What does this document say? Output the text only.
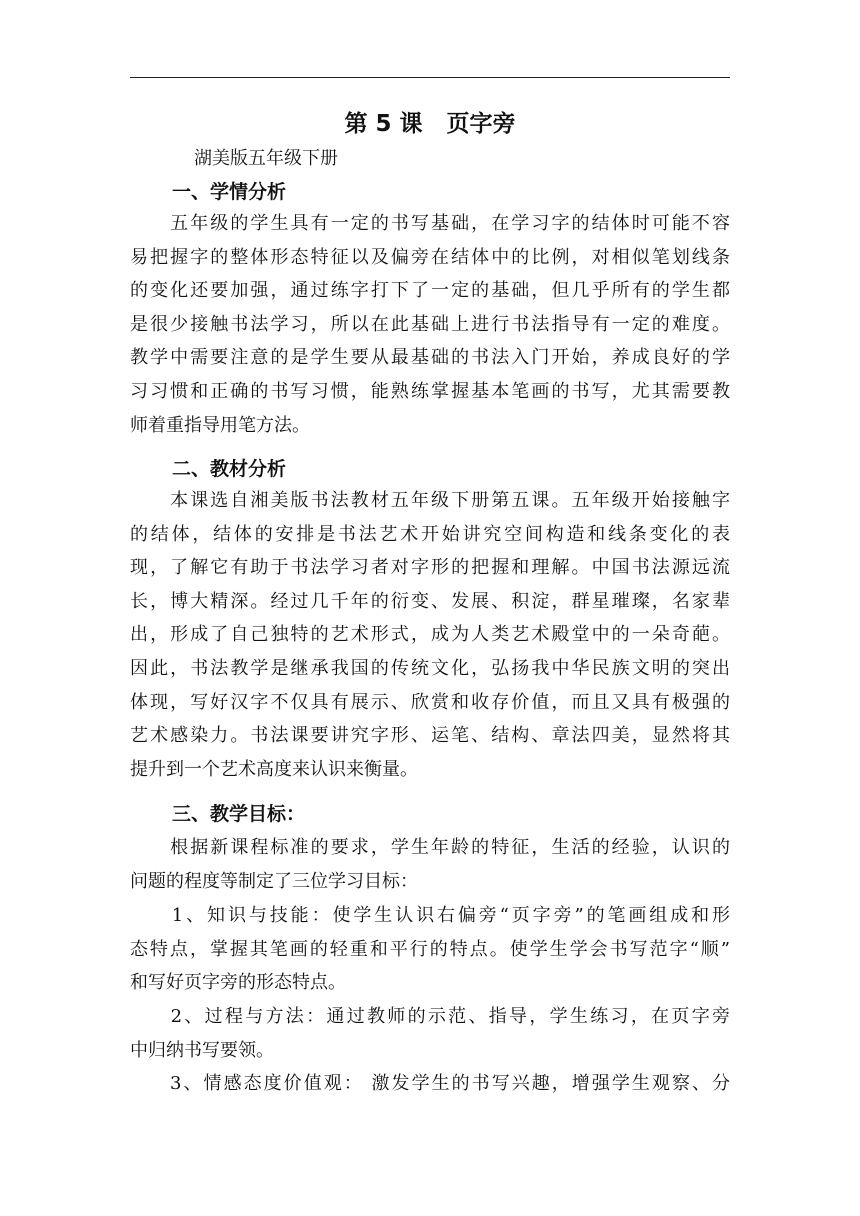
第 5 课   页字旁
湖美版五年级下册
一、学情分析
　　五年级的学生具有一定的书写基础，在学习字的结体时可能不容
易把握字的整体形态特征以及偏旁在结体中的比例，对相似笔划线条
的变化还要加强，通过练字打下了一定的基础，但几乎所有的学生都
是很少接触书法学习，所以在此基础上进行书法指导有一定的难度。
教学中需要注意的是学生要从最基础的书法入门开始，养成良好的学
习习惯和正确的书写习惯，能熟练掌握基本笔画的书写，尤其需要教
师着重指导用笔方法。
二、教材分析
　　本课选自湘美版书法教材五年级下册第五课。五年级开始接触字
的结体，结体的安排是书法艺术开始讲究空间构造和线条变化的表
现，了解它有助于书法学习者对字形的把握和理解。中国书法源远流
长，博大精深。经过几千年的衍变、发展、积淀，群星璀璨，名家辈
出，形成了自己独特的艺术形式，成为人类艺术殿堂中的一朵奇葩。
因此，书法教学是继承我国的传统文化，弘扬我中华民族文明的突出
体现，写好汉字不仅具有展示、欣赏和收存价值，而且又具有极强的
艺术感染力。书法课要讲究字形、运笔、结构、章法四美，显然将其
提升到一个艺术高度来认识来衡量。
三、教学目标：
　　根据新课程标准的要求，学生年龄的特征，生活的经验，认识的
问题的程度等制定了三位学习目标：
　　1、知识与技能：使学生认识右偏旁“页字旁”的笔画组成和形
态特点，掌握其笔画的轻重和平行的特点。使学生学会书写范字“顺”
和写好页字旁的形态特点。
　　2、过程与方法：通过教师的示范、指导，学生练习，在页字旁
中归纳书写要领。
　　3、情感态度价值观： 激发学生的书写兴趣，增强学生观察、分
